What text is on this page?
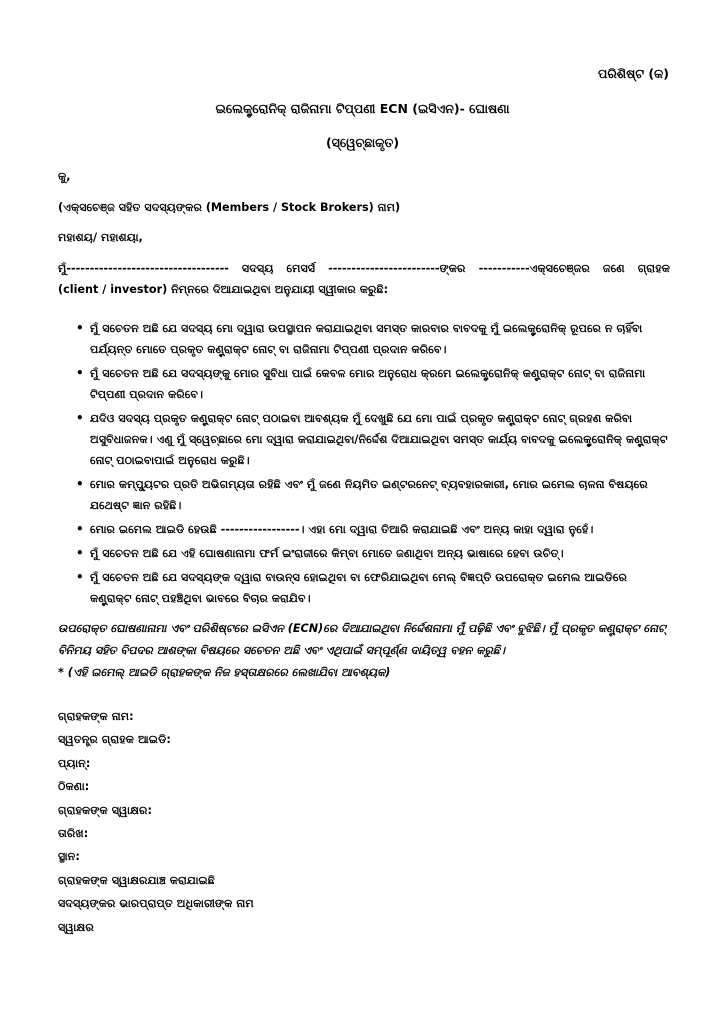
ପରିଶିଷ୍ଟ (କ)
ଇଲେକ୍ଟ୍ରୋନିକ୍ ରାଜିନାମା ଟିପ୍ପଣୀ ECN (ଇସିଏନ)- ଘୋଷଣା
(ସ୍ୱେଚ୍ଛାକୃତ)
କୁ,
(ଏକ୍ସଚେଞ୍ଜ ସହିତ ସଦସ୍ୟଙ୍କର (Members / Stock Brokers) ନାମ)
ମହାଶୟ/ ମହାଶୟା,
ମୁଁ----------------------------------- ସଦସ୍ୟ ମେସର୍ସ ------------------------ଙ୍କର -----------ଏକ୍ସଚେଞ୍ଜର ଜଣେ ଗ୍ରାହକ
(client / investor) ନିମ୍ନରେ ଦିଆଯାଇଥିବା ଅନୁଯାୟୀ ସ୍ୱୀକାର କରୁଛି:
• ମୁଁ ସଚେତନ ଅଛି ଯେ ସଦସ୍ୟ ମୋ ଦ୍ୱାରା ଉପସ୍ଥାପନ କରାଯାଇଥିବା ସମସ୍ତ କାରବାର ବାବଦକୁ ମୁଁ ଇଲେକ୍ଟ୍ରୋନିକ୍ ରୂପରେ ନ ଚାହିଁବା ପର୍ଯ୍ୟନ୍ତ ମୋତେ ପ୍ରକୃତ କଣ୍ଟ୍ରାକ୍ଟ ନୋଟ୍ ବା ରାଜିନାମା ଟିପ୍ପଣୀ ପ୍ରଦାନ କରିବେ।
• ମୁଁ ସଚେତନ ଅଛି ଯେ ସଦସ୍ୟଙ୍କୁ ମୋର ସୁବିଧା ପାଇଁ କେବଳ ମୋର ଅନୁରୋଧ କ୍ରମେ ଇଲେକ୍ଟ୍ରୋନିକ୍ କଣ୍ଟ୍ରାକ୍ଟ ନୋଟ୍ ବା ରାଜିନାମା ଟିପ୍ପଣୀ ପ୍ରଦାନ କରିବେ।
• ଯଦିଓ ସଦସ୍ୟ ପ୍ରକୃତ କଣ୍ଟ୍ରାକ୍ଟ ନୋଟ୍ ପଠାଇବା ଆବଶ୍ୟକ ମୁଁ ଦେଖୁଛି ଯେ ମୋ ପାଇଁ ପ୍ରକୃତ କଣ୍ଟ୍ରାକ୍ଟ ନୋଟ୍ ଗ୍ରହଣ କରିବା ଅସୁବିଧାଜନକ। ଏଣୁ ମୁଁ ସ୍ୱେଚ୍ଛାରେ ମୋ ଦ୍ୱାରା କରାଯାଇଥିବା/ନିର୍ଦ୍ଦେଶ ଦିଆଯାଇଥିବା ସମସ୍ତ କାର୍ଯ୍ୟ ବାବଦକୁ ଇଲେକ୍ଟ୍ରୋନିକ୍ କଣ୍ଟ୍ରାକ୍ଟ ନୋଟ୍ ପଠାଇବାପାଇଁ ଅନୁରୋଧ କରୁଛି।
• ମୋର କମ୍ପ୍ୟୁଟର ପ୍ରତି ଅଭିଗମ୍ୟତା ରହିଛି ଏବଂ ମୁଁ ଜଣେ ନିୟମିତ ଇଣ୍ଟରନେଟ୍ ବ୍ୟବହାରକାରୀ, ମୋର ଇମେଲ ଚାଳନା ବିଷୟରେ ଯଥେଷ୍ଟ ଜ୍ଞାନ ରହିଛି।
• ମୋର ଇମେଲ ଆଇଡି ହେଉଛି -----------------। ଏହା ମୋ ଦ୍ୱାରା ତିଆରି କରାଯାଇଛି ଏବଂ ଅନ୍ୟ କାହା ଦ୍ୱାରା ନୁହେଁ।
• ମୁଁ ସଚେତନ ଅଛି ଯେ ଏହି ଘୋଷଣାନାମା ଫର୍ମ ଇଂରାଜୀରେ କିମ୍ବା ମୋତେ ଜଣାଥିବା ଅନ୍ୟ ଭାଷାରେ ହେବା ଉଚିତ୍।
• ମୁଁ ସଚେତନ ଅଛି ଯେ ସଦସ୍ୟଙ୍କ ଦ୍ୱାରା ବାଉନ୍ସ ହୋଇଥିବା ବା ଫେରିଯାଇଥିବା ମେଲ୍ ବିଜ୍ଞପ୍ତି ଉପରୋକ୍ତ ଇମେଲ ଆଇଡିରେ କଣ୍ଟ୍ରାକ୍ଟ ନୋଟ୍ ପହଞ୍ଚିଥିବା ଭାବରେ ବିଚାର କରାଯିବ।
ଉପରୋକ୍ତ ଘୋଷଣାନାମା ଏବଂ ପରିଶିଷ୍ଟରେ ଇସିଏନ (ECN)ରେ ଦିଆଯାଇଥିବା ନିର୍ଦ୍ଦେଶନାମା ମୁଁ ପଢ଼ିଛି ଏବଂ ବୁଝିଛି। ମୁଁ ପ୍ରକୃତ କଣ୍ଟ୍ରାକ୍ଟ ନୋଟ୍ ବିନିମୟ ସହିତ ବିପଦର ଆଶଙ୍କା ବିଷୟରେ ସଚେତନ ଅଛି ଏବଂ ଏଥିପାଇଁ ସମ୍ପୂର୍ଣ୍ଣ ଦାୟିତ୍ୱ ବହନ କରୁଛି।
* (ଏହି ଇମେଲ୍ ଆଇଡି ଗ୍ରାହକଙ୍କ ନିଜ ହସ୍ତାକ୍ଷରରେ ଲେଖାଯିବା ଆବଶ୍ୟକ)
ଗ୍ରାହକଙ୍କ ନାମ:
ସ୍ୱତନ୍ତ୍ର ଗ୍ରାହକ ଆଇଡି:
ପ୍ୟାନ୍:
ଠିକଣା:
ଗ୍ରାହକଙ୍କ ସ୍ୱାକ୍ଷର:
ତାରିଖ:
ସ୍ଥାନ:
ଗ୍ରାହକଙ୍କ ସ୍ୱାକ୍ଷରଯାଞ୍ଚ କରାଯାଇଛି
ସଦସ୍ୟଙ୍କର ଭାରପ୍ରାପ୍ତ ଅଧିକାରୀଙ୍କ ନାମ
ସ୍ୱାକ୍ଷର
